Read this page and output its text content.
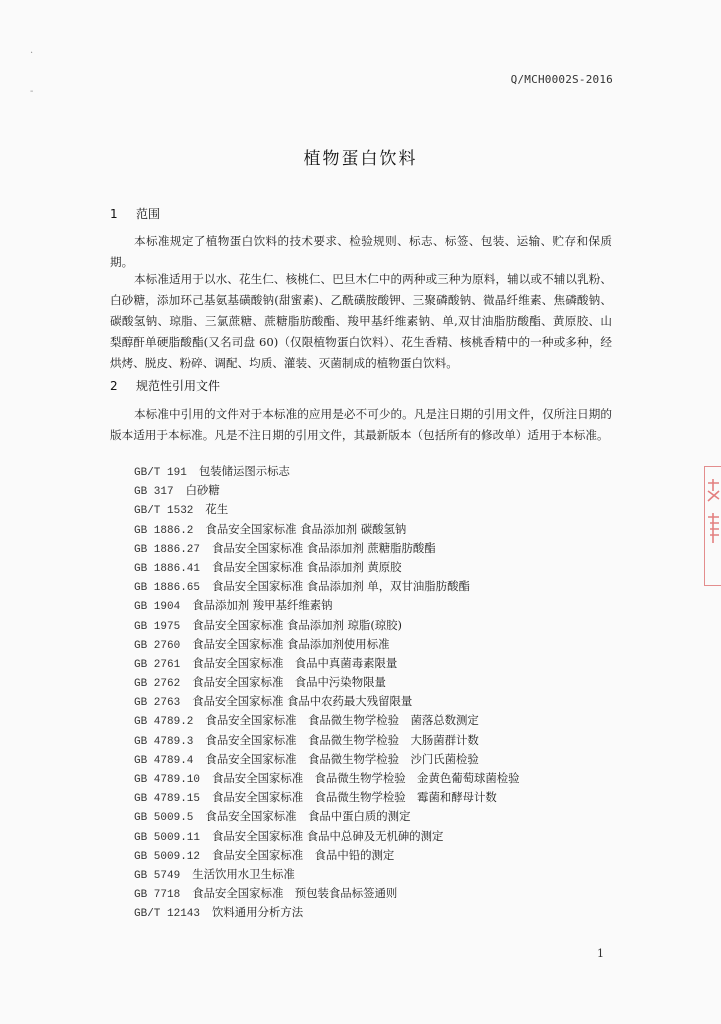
·
-
Q/MCH0002S-2016
植物蛋白饮料
1 范围
本标准规定了植物蛋白饮料的技术要求、检验规则、标志、标签、包装、运输、贮存和保质期。
本标准适用于以水、花生仁、核桃仁、巴旦木仁中的两种或三种为原料，辅以或不辅以乳粉、白砂糖，添加环己基氨基磺酸钠(甜蜜素)、乙酰磺胺酸钾、三聚磷酸钠、微晶纤维素、焦磷酸钠、碳酸氢钠、琼脂、三氯蔗糖、蔗糖脂肪酸酯、羧甲基纤维素钠、单,双甘油脂肪酸酯、黄原胶、山梨醇酐单硬脂酸酯(又名司盘 60)（仅限植物蛋白饮料）、花生香精、核桃香精中的一种或多种，经烘烤、脱皮、粉碎、调配、均质、灌装、灭菌制成的植物蛋白饮料。
2 规范性引用文件
本标准中引用的文件对于本标准的应用是必不可少的。凡是注日期的引用文件，仅所注日期的版本适用于本标准。凡是不注日期的引用文件，其最新版本（包括所有的修改单）适用于本标准。
GB/T 191 包装储运图示标志
GB 317 白砂糖
GB/T 1532 花生
GB 1886.2 食品安全国家标准 食品添加剂 碳酸氢钠
GB 1886.27 食品安全国家标准 食品添加剂 蔗糖脂肪酸酯
GB 1886.41 食品安全国家标准 食品添加剂 黄原胶
GB 1886.65 食品安全国家标准 食品添加剂 单，双甘油脂肪酸酯
GB 1904 食品添加剂 羧甲基纤维素钠
GB 1975 食品安全国家标准 食品添加剂 琼脂(琼胶)
GB 2760 食品安全国家标准 食品添加剂使用标准
GB 2761 食品安全国家标准　食品中真菌毒素限量
GB 2762 食品安全国家标准　食品中污染物限量
GB 2763 食品安全国家标准 食品中农药最大残留限量
GB 4789.2 食品安全国家标准　食品微生物学检验　菌落总数测定
GB 4789.3 食品安全国家标准　食品微生物学检验　大肠菌群计数
GB 4789.4 食品安全国家标准　食品微生物学检验　沙门氏菌检验
GB 4789.10 食品安全国家标准　食品微生物学检验　金黄色葡萄球菌检验
GB 4789.15 食品安全国家标准　食品微生物学检验　霉菌和酵母计数
GB 5009.5 食品安全国家标准　食品中蛋白质的测定
GB 5009.11 食品安全国家标准 食品中总砷及无机砷的测定
GB 5009.12 食品安全国家标准　食品中铅的测定
GB 5749 生活饮用水卫生标准
GB 7718 食品安全国家标准　预包装食品标签通则
GB/T 12143 饮料通用分析方法
1
